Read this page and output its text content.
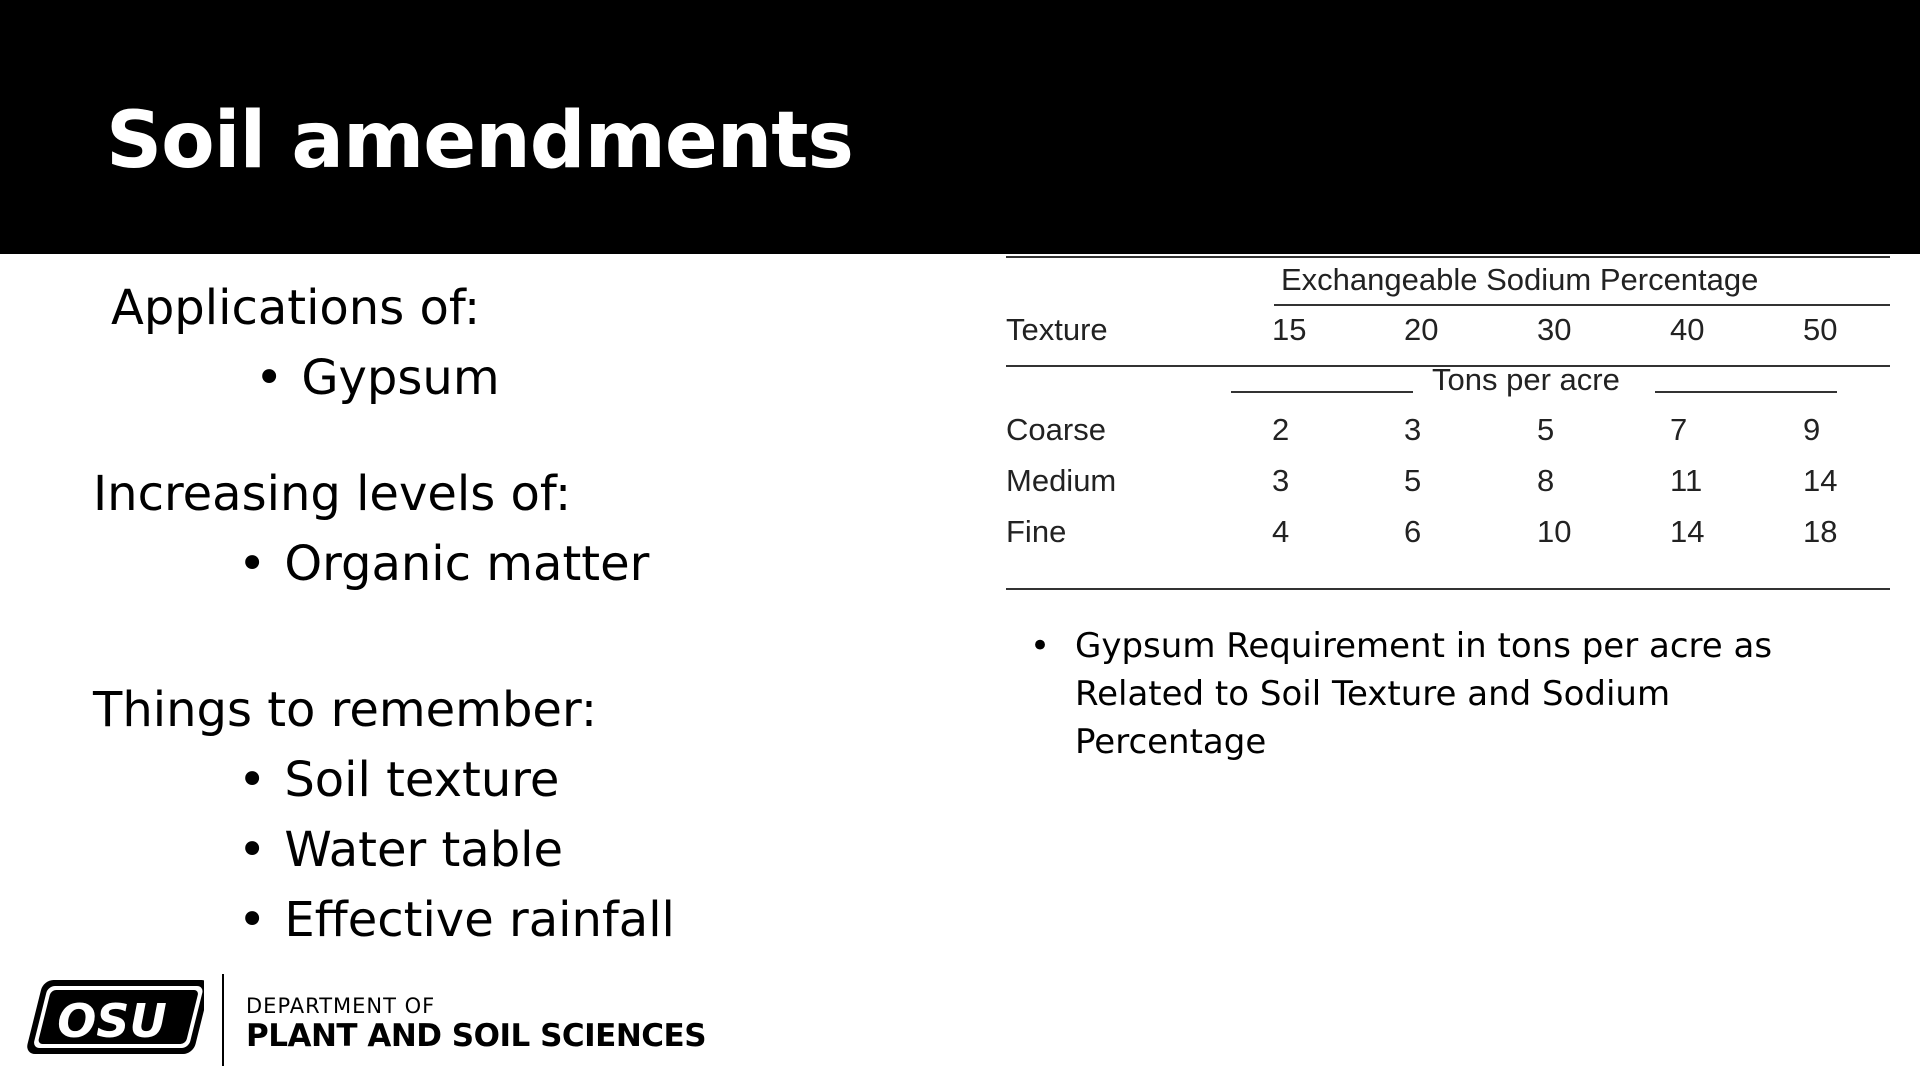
Soil amendments
Applications of:
• Gypsum
Increasing levels of:
• Organic matter
Things to remember:
• Soil texture
• Water table
• Effective rainfall
Exchangeable Sodium Percentage
Texture	15	20	30	40	50
Tons per acre
Coarse	2	3	5	7	9
Medium	3	5	8	11	14
Fine	4	6	10	14	18
• Gypsum Requirement in tons per acre as Related to Soil Texture and Sodium Percentage
OSU	DEPARTMENT OF
PLANT AND SOIL SCIENCES
